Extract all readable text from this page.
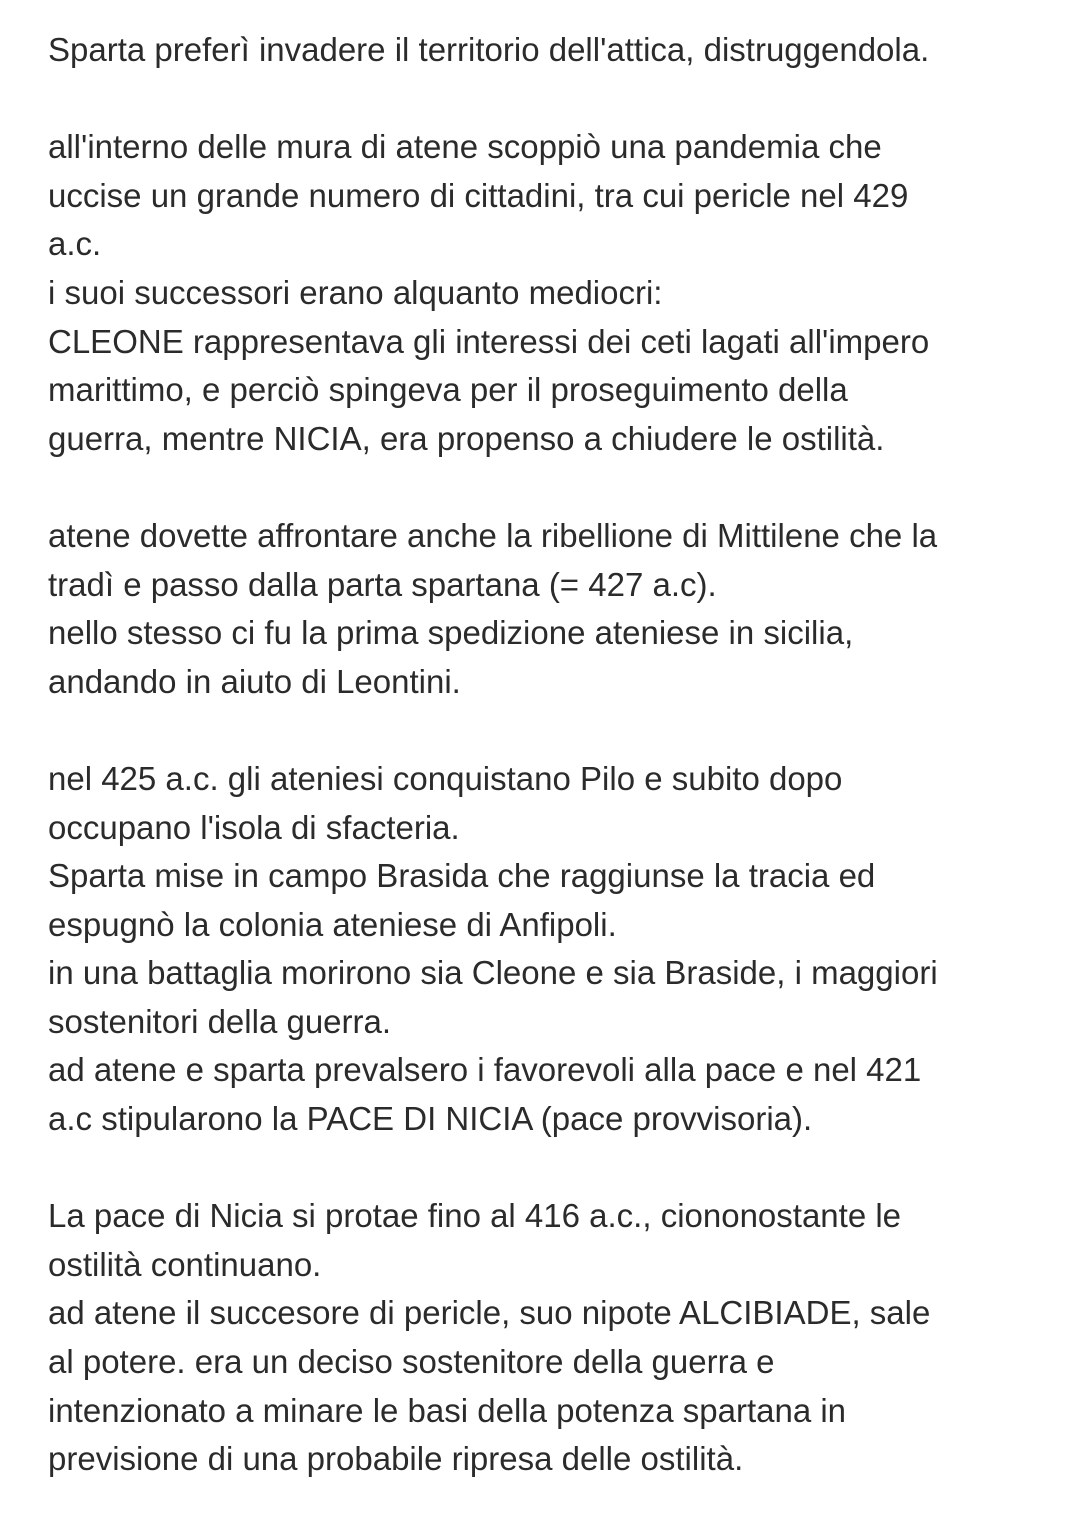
Sparta preferì invadere il territorio dell'attica, distruggendola.
all'interno delle mura di atene scoppiò una pandemia che
uccise un grande numero di cittadini, tra cui pericle nel 429
a.c.
i suoi successori erano alquanto mediocri:
CLEONE rappresentava gli interessi dei ceti lagati all'impero
marittimo, e perciò spingeva per il proseguimento della
guerra, mentre NICIA, era propenso a chiudere le ostilità.
atene dovette affrontare anche la ribellione di Mittilene che la
tradì e passo dalla parta spartana (= 427 a.c).
nello stesso ci fu la prima spedizione ateniese in sicilia,
andando in aiuto di Leontini.
nel 425 a.c. gli ateniesi conquistano Pilo e subito dopo
occupano l'isola di sfacteria.
Sparta mise in campo Brasida che raggiunse la tracia ed
espugnò la colonia ateniese di Anfipoli.
in una battaglia morirono sia Cleone e sia Braside, i maggiori
sostenitori della guerra.
ad atene e sparta prevalsero i favorevoli alla pace e nel 421
a.c stipularono la PACE DI NICIA (pace provvisoria).
La pace di Nicia si protae fino al 416 a.c., ciononostante le
ostilità continuano.
ad atene il succesore di pericle, suo nipote ALCIBIADE, sale
al potere. era un deciso sostenitore della guerra e
intenzionato a minare le basi della potenza spartana in
previsione di una probabile ripresa delle ostilità.
